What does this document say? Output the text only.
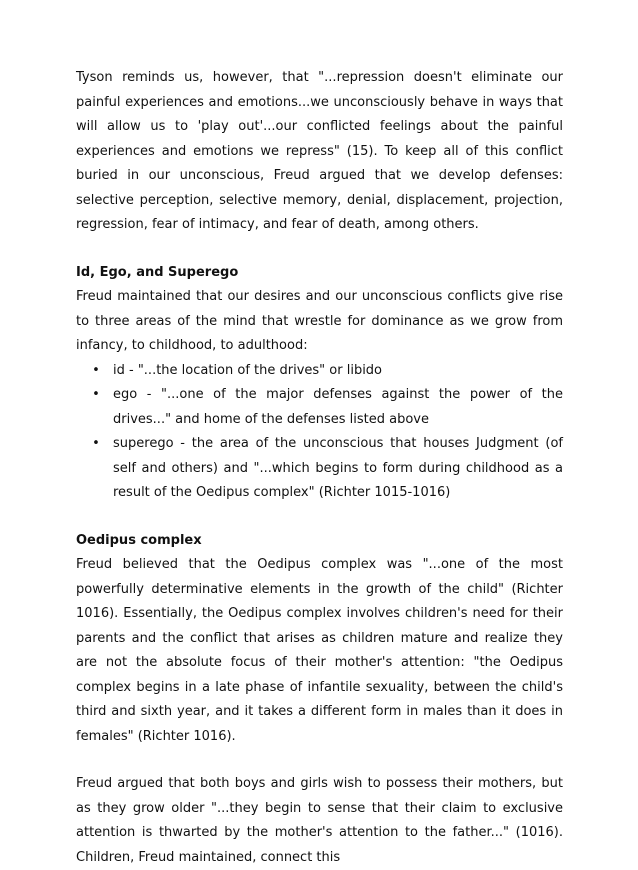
Tyson reminds us, however, that "...repression doesn't eliminate our painful experiences and emotions...we unconsciously behave in ways that will allow us to 'play out'...our conflicted feelings about the painful experiences and emotions we repress" (15). To keep all of this conflict buried in our unconscious, Freud argued that we develop defenses: selective perception, selective memory, denial, displacement, projection, regression, fear of intimacy, and fear of death, among others.

Id, Ego, and Superego

Freud maintained that our desires and our unconscious conflicts give rise to three areas of the mind that wrestle for dominance as we grow from infancy, to childhood, to adulthood:

• id - "...the location of the drives" or libido
• ego - "...one of the major defenses against the power of the drives..." and home of the defenses listed above
• superego - the area of the unconscious that houses Judgment (of self and others) and "...which begins to form during childhood as a result of the Oedipus complex" (Richter 1015-1016)

Oedipus complex

Freud believed that the Oedipus complex was "...one of the most powerfully determinative elements in the growth of the child" (Richter 1016). Essentially, the Oedipus complex involves children's need for their parents and the conflict that arises as children mature and realize they are not the absolute focus of their mother's attention: "the Oedipus complex begins in a late phase of infantile sexuality, between the child's third and sixth year, and it takes a different form in males than it does in females" (Richter 1016).

Freud argued that both boys and girls wish to possess their mothers, but as they grow older "...they begin to sense that their claim to exclusive attention is thwarted by the mother's attention to the father..." (1016). Children, Freud maintained, connect this
